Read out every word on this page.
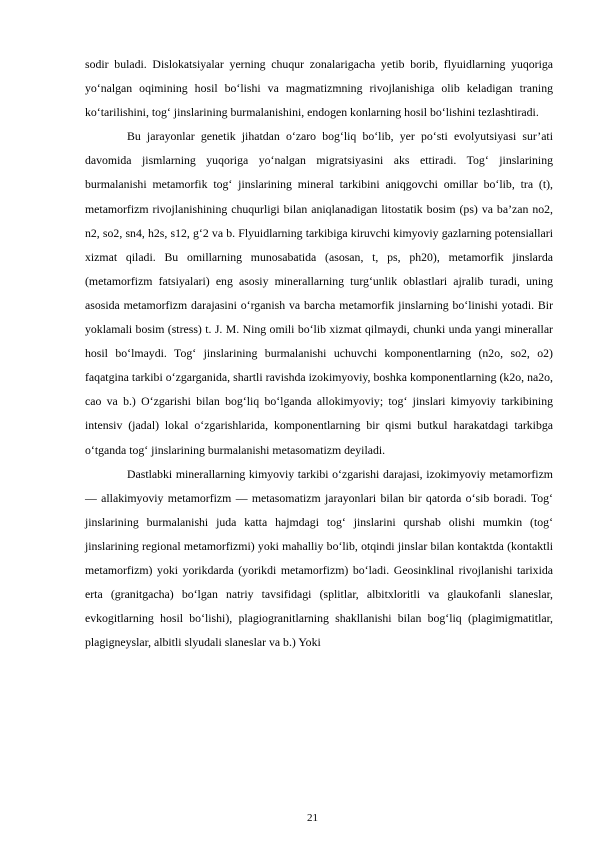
sodir buladi. Dislokatsiyalar yerning chuqur zonalarigacha yetib borib, flyuidlarning yuqoriga yo‘nalgan oqimining hosil bo‘lishi va magmatizmning rivojlanishiga olib keladigan traning ko‘tarilishini, tog‘ jinslarining burmalanishini, endogen konlarning hosil bo‘lishini tezlashtiradi.

Bu jarayonlar genetik jihatdan o‘zaro bog‘liq bo‘lib, yer po‘sti evolyutsiyasi sur’ati davomida jismlarning yuqoriga yo‘nalgan migratsiyasini aks ettiradi. Tog‘ jinslarining burmalanishi metamorfik tog‘ jinslarining mineral tarkibini aniqgovchi omillar bo‘lib, tra (t), metamorfizm rivojlanishining chuqurligi bilan aniqlanadigan litostatik bosim (ps) va ba’zan no2, n2, so2, sn4, h2s, s12, g‘2 va b. Flyuidlarning tarkibiga kiruvchi kimyoviy gazlarning potensiallari xizmat qiladi. Bu omillarning munosabatida (asosan, t, ps, ph20), metamorfik jinslarda (metamorfizm fatsiyalari) eng asosiy minerallarning turg‘unlik oblastlari ajralib turadi, uning asosida metamorfizm darajasini o‘rganish va barcha metamorfik jinslarning bo‘linishi yotadi. Bir yoklamali bosim (stress) t. J. M. Ning omili bo‘lib xizmat qilmaydi, chunki unda yangi minerallar hosil bo‘lmaydi. Tog‘ jinslarining burmalanishi uchuvchi komponentlarning (n2o, so2, o2) faqatgina tarkibi o‘zgarganida, shartli ravishda izokimyoviy, boshka komponentlarning (k2o, na2o, cao va b.) O‘zgarishi bilan bog‘liq bo‘lganda allokimyoviy; tog‘ jinslari kimyoviy tarkibining intensiv (jadal) lokal o‘zgarishlarida, komponentlarning bir qismi butkul harakatdagi tarkibga o‘tganda tog‘ jinslarining burmalanishi metasomatizm deyiladi.

Dastlabki minerallarning kimyoviy tarkibi o‘zgarishi darajasi, izokimyoviy metamorfizm — allakimyoviy metamorfizm — metasomatizm jarayonlari bilan bir qatorda o‘sib boradi. Tog‘ jinslarining burmalanishi juda katta hajmdagi tog‘ jinslarini qurshab olishi mumkin (tog‘ jinslarining regional metamorfizmi) yoki mahalliy bo‘lib, otqindi jinslar bilan kontaktda (kontaktli metamorfizm) yoki yorikdarda (yorikdi metamorfizm) bo‘ladi. Geosinklinal rivojlanishi tarixida erta (granitgacha) bo‘lgan natriy tavsifidagi (splitlar, albitxloritli va glaukofanli slaneslar, evkogitlarning hosil bo‘lishi), plagiogranitlarning shakllanishi bilan bog‘liq (plagimigmatitlar, plagigneyslar, albitli slyudali slaneslar va b.) Yoki

21
